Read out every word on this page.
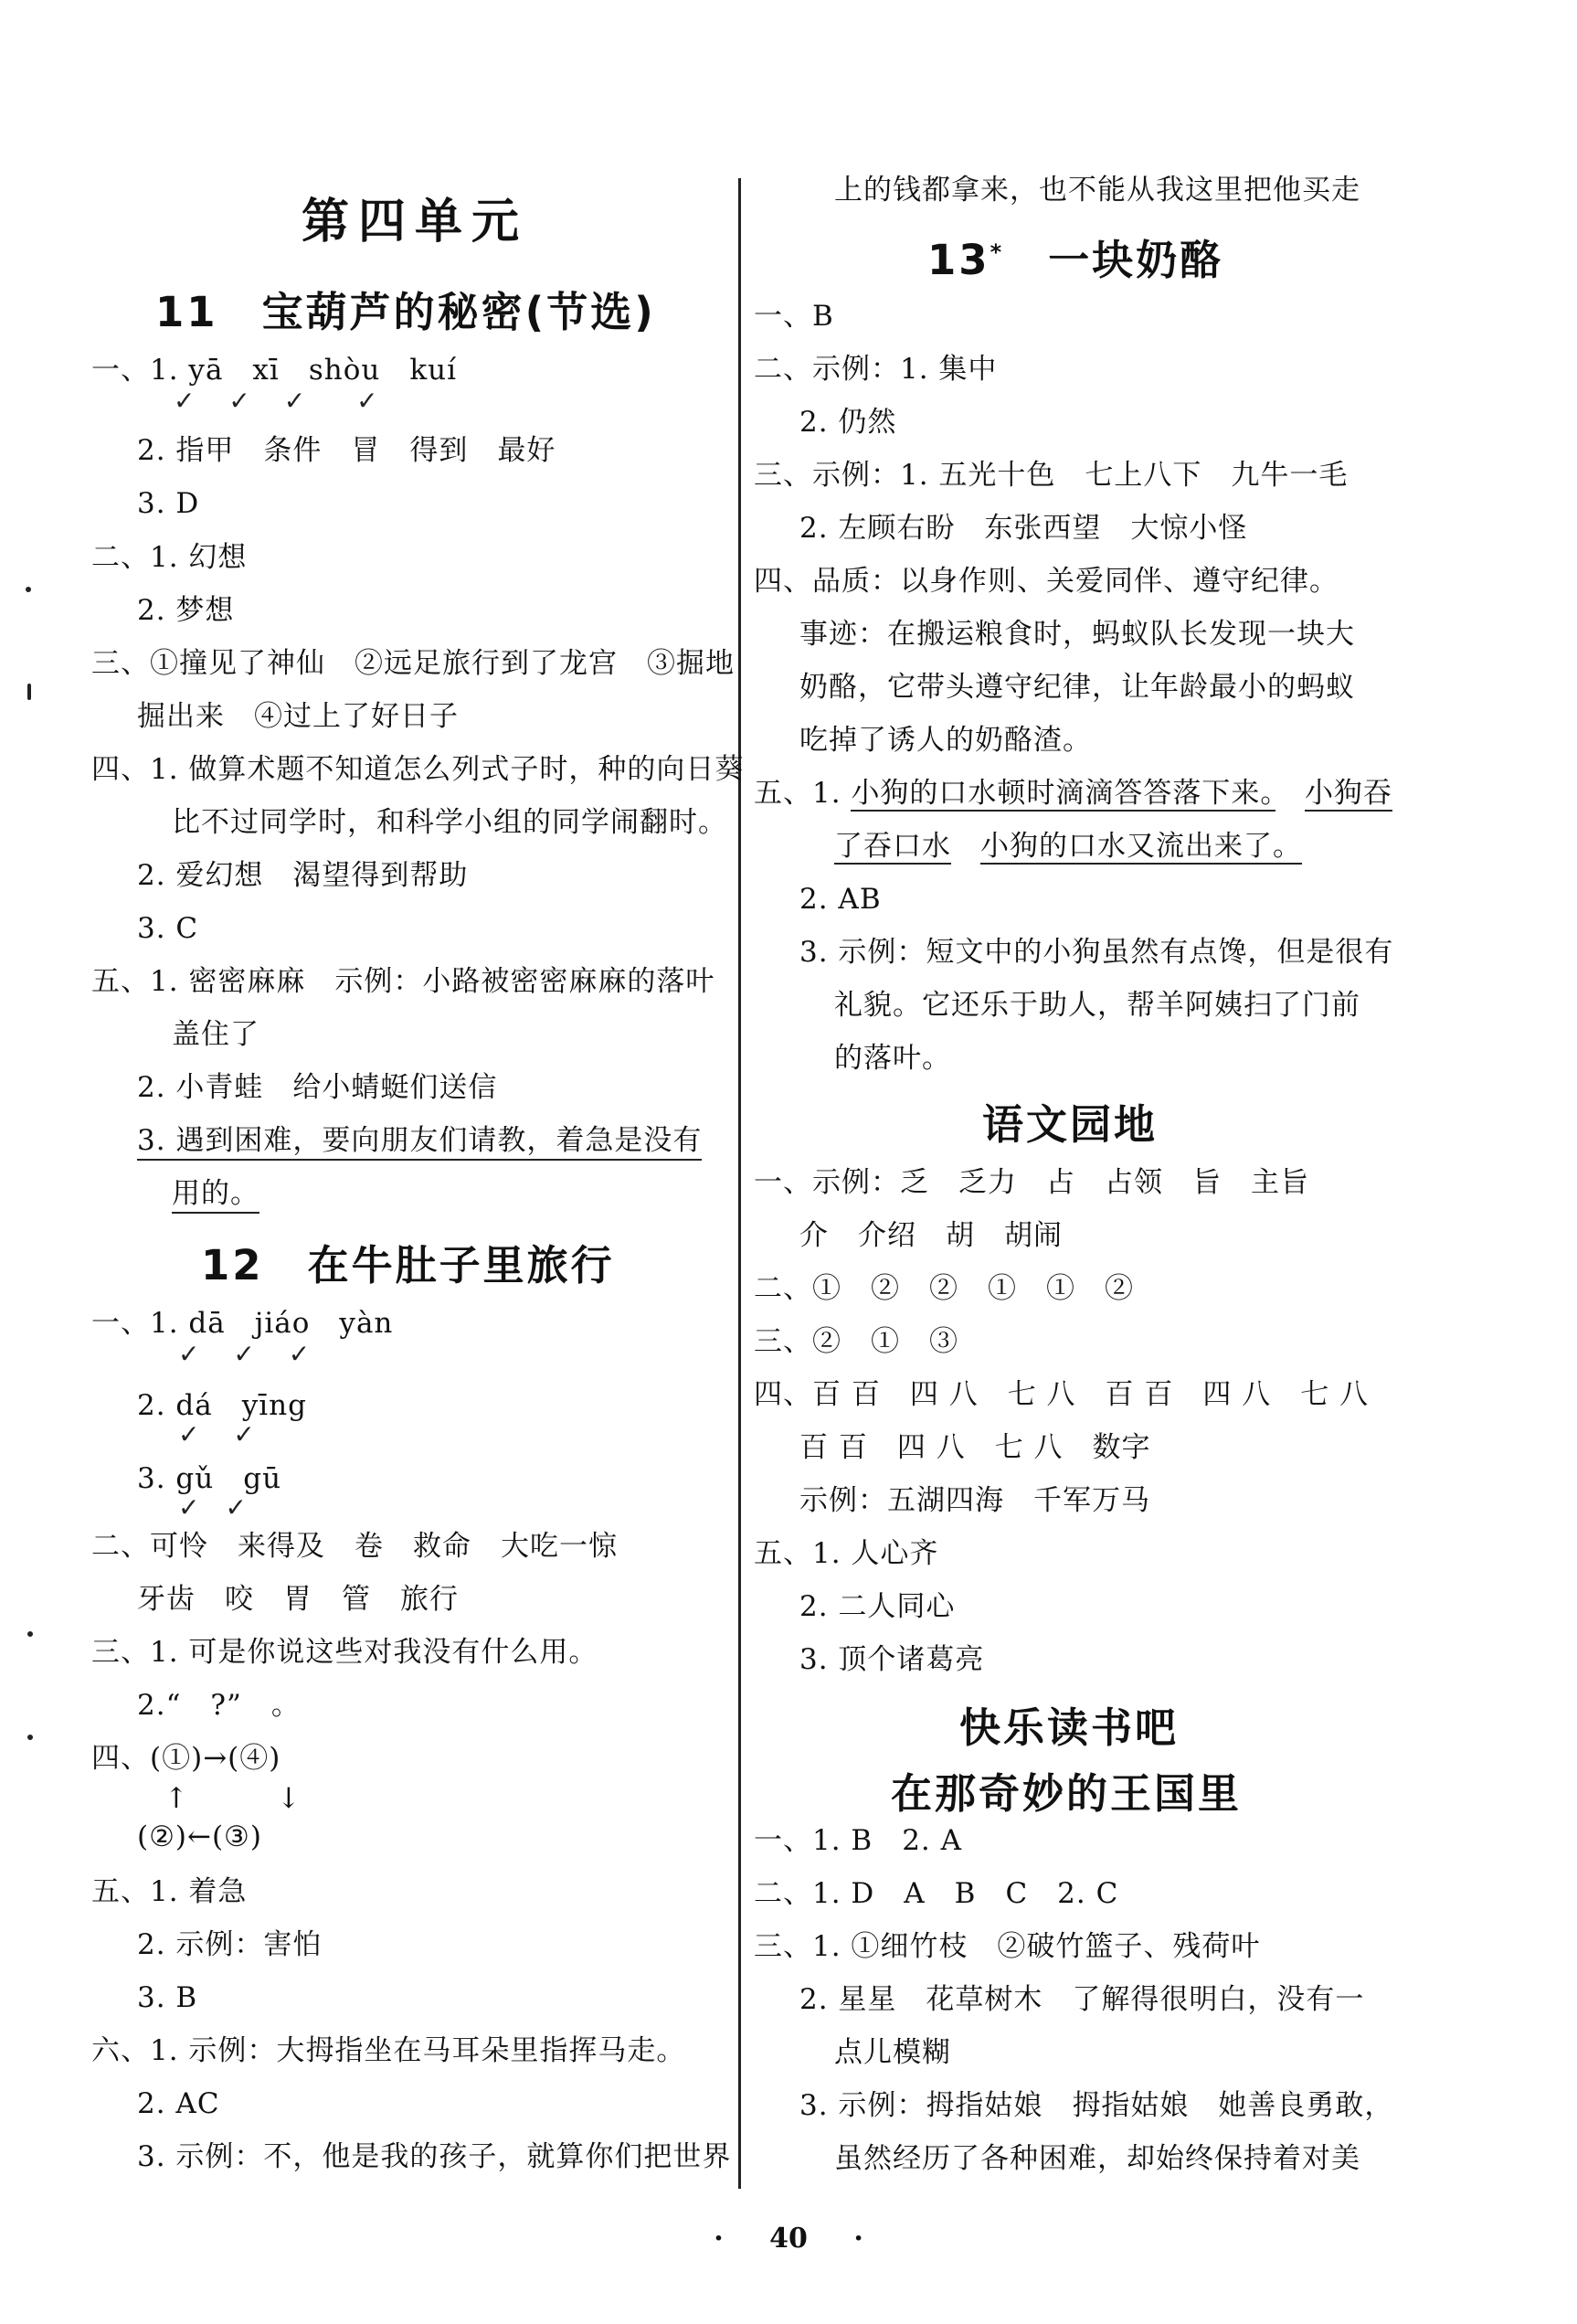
第四单元
11　宝葫芦的秘密(节选)
一、1. yā　xī　shòu　kuí
✓　 ✓　 ✓　　✓
2. 指甲　条件　冒　得到　最好
3. D
二、1. 幻想
2. 梦想
三、①撞见了神仙　②远足旅行到了龙宫　③掘地
掘出来　④过上了好日子
四、1. 做算术题不知道怎么列式子时，种的向日葵
比不过同学时，和科学小组的同学闹翻时。
2. 爱幻想　渴望得到帮助
3. C
五、1. 密密麻麻　示例：小路被密密麻麻的落叶
盖住了
2. 小青蛙　给小蜻蜓们送信
3. 遇到困难，要向朋友们请教，着急是没有
用的。
12　在牛肚子里旅行
一、1. dā　jiáo　yàn
✓　 ✓　 ✓
2. dá　yīng
✓　 ✓
3. gǔ　gū
✓　✓
二、可怜　来得及　卷　救命　大吃一惊
牙齿　咬　胃　管　旅行
三、1. 可是你说这些对我没有什么用。
2.“　?”　。
四、(①)→(④)
↑　　　↓
(②)←(③)
五、1. 着急
2. 示例：害怕
3. B
六、1. 示例：大拇指坐在马耳朵里指挥马走。
2. AC
3. 示例：不，他是我的孩子，就算你们把世界
上的钱都拿来，也不能从我这里把他买走
13*　 一块奶酪
一、B
二、示例：1. 集中
2. 仍然
三、示例：1. 五光十色　七上八下　九牛一毛
2. 左顾右盼　东张西望　大惊小怪
四、品质：以身作则、关爱同伴、遵守纪律。
事迹：在搬运粮食时，蚂蚁队长发现一块大
奶酪，它带头遵守纪律，让年龄最小的蚂蚁
吃掉了诱人的奶酪渣。
五、1. 小狗的口水顿时滴滴答答落下来。　 小狗吞
了吞口水　 小狗的口水又流出来了。
2. AB
3. 示例：短文中的小狗虽然有点馋，但是很有
礼貌。它还乐于助人，帮羊阿姨扫了门前
的落叶。
语文园地
一、示例：乏　乏力　占　占领　旨　主旨
介　介绍　胡　胡闹
二、①　②　②　①　①　②
三、②　①　③
四、百 百　四 八　七 八　百 百　四 八　七 八
百 百　四 八　七 八　数字
示例：五湖四海　千军万马
五、1. 人心齐
2. 二人同心
3. 顶个诸葛亮
快乐读书吧
在那奇妙的王国里
一、1. B　2. A
二、1. D　A　B　C　2. C
三、1. ①细竹枝　②破竹篮子、残荷叶
2. 星星　花草树木　了解得很明白，没有一
点儿模糊
3. 示例：拇指姑娘　拇指姑娘　她善良勇敢，
虽然经历了各种困难，却始终保持着对美
· 40 ·
